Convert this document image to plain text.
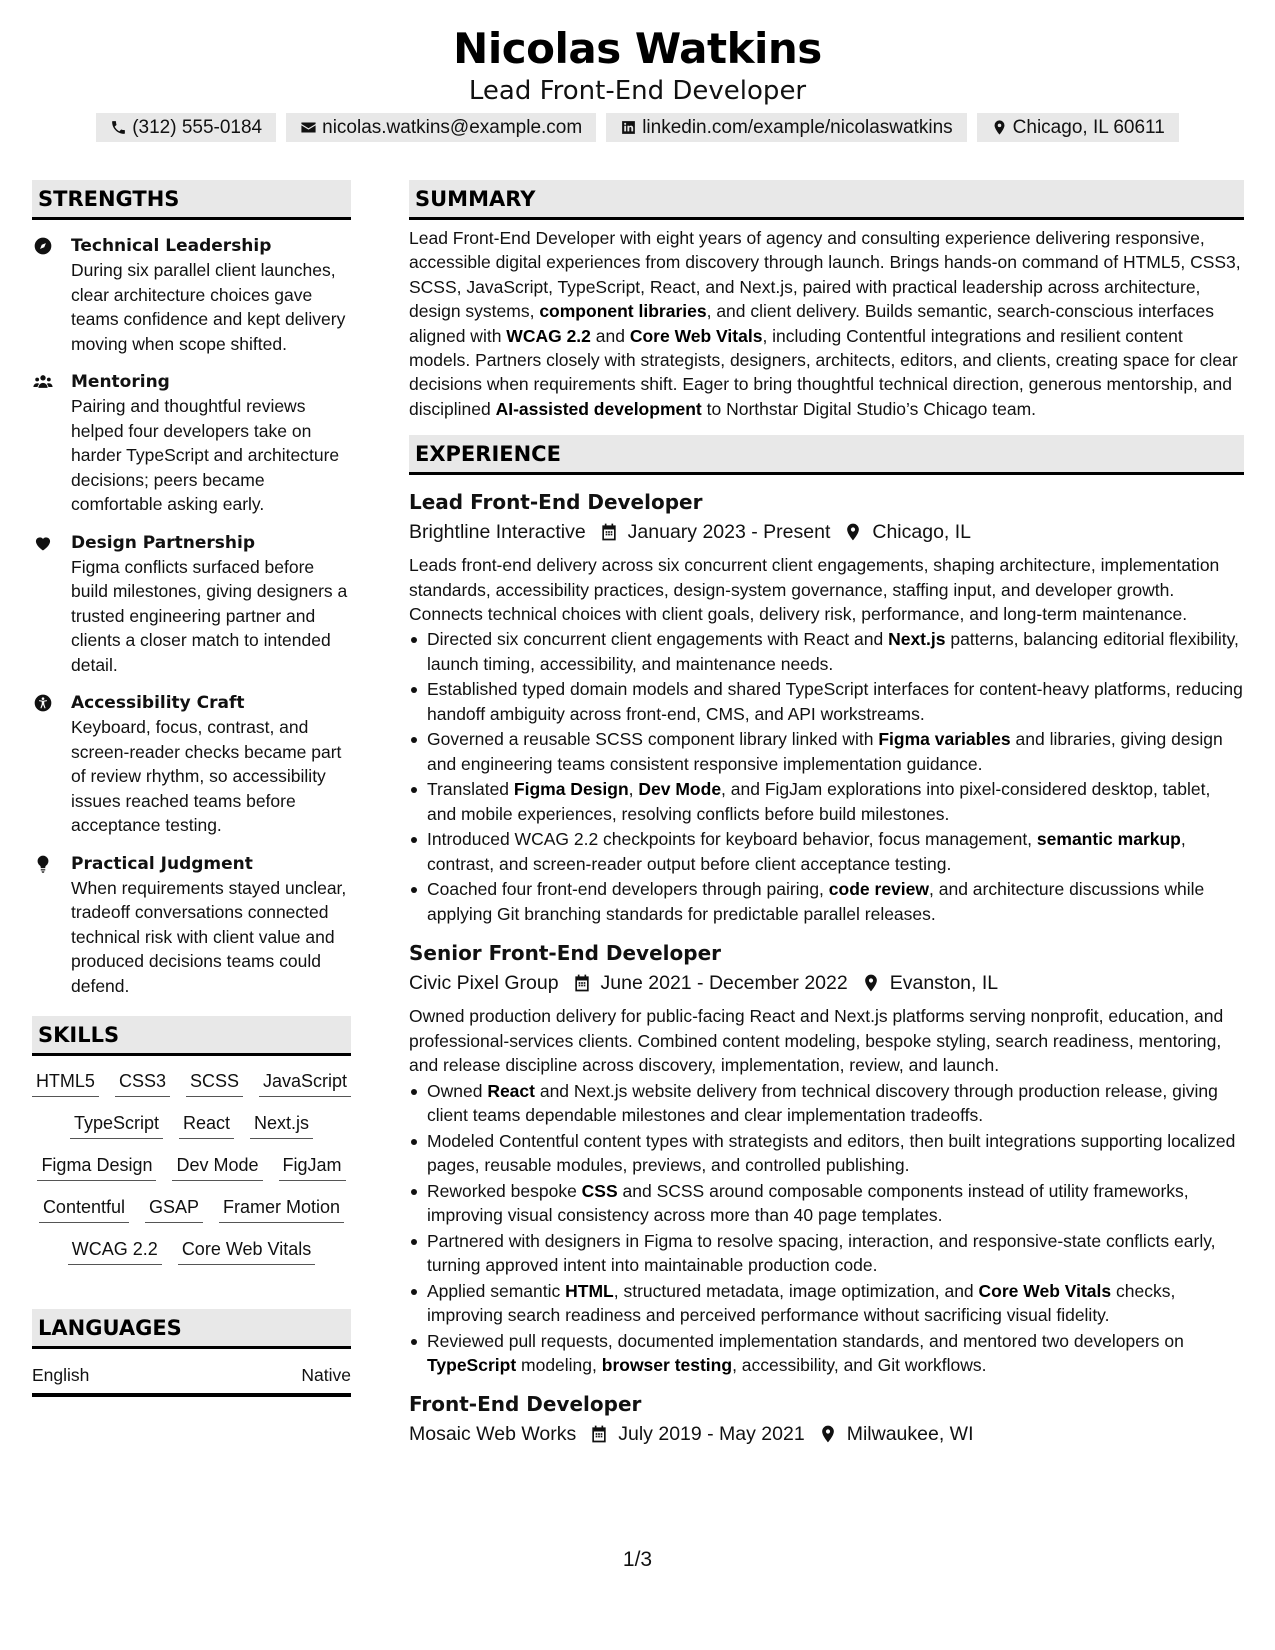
Nicolas Watkins
Lead Front-End Developer
(312) 555-0184	nicolas.watkins@example.com	linkedin.com/example/nicolaswatkins	Chicago, IL 60611
STRENGTHS
Technical Leadership
During six parallel client launches, clear architecture choices gave teams confidence and kept delivery moving when scope shifted.
Mentoring
Pairing and thoughtful reviews helped four developers take on harder TypeScript and architecture decisions; peers became comfortable asking early.
Design Partnership
Figma conflicts surfaced before build milestones, giving designers a trusted engineering partner and clients a closer match to intended detail.
Accessibility Craft
Keyboard, focus, contrast, and screen-reader checks became part of review rhythm, so accessibility issues reached teams before acceptance testing.
Practical Judgment
When requirements stayed unclear, tradeoff conversations connected technical risk with client value and produced decisions teams could defend.
SKILLS
HTML5 CSS3 SCSS JavaScript
TypeScript React Next.js
Figma Design Dev Mode FigJam
Contentful GSAP Framer Motion
WCAG 2.2 Core Web Vitals
LANGUAGES
English	Native
SUMMARY
Lead Front-End Developer with eight years of agency and consulting experience delivering responsive, accessible digital experiences from discovery through launch. Brings hands-on command of HTML5, CSS3, SCSS, JavaScript, TypeScript, React, and Next.js, paired with practical leadership across architecture, design systems, component libraries, and client delivery. Builds semantic, search-conscious interfaces aligned with WCAG 2.2 and Core Web Vitals, including Contentful integrations and resilient content models. Partners closely with strategists, designers, architects, editors, and clients, creating space for clear decisions when requirements shift. Eager to bring thoughtful technical direction, generous mentorship, and disciplined AI-assisted development to Northstar Digital Studio’s Chicago team.
EXPERIENCE
Lead Front-End Developer
Brightline Interactive January 2023 - Present Chicago, IL
Leads front-end delivery across six concurrent client engagements, shaping architecture, implementation standards, accessibility practices, design-system governance, staffing input, and developer growth. Connects technical choices with client goals, delivery risk, performance, and long-term maintenance.
Directed six concurrent client engagements with React and Next.js patterns, balancing editorial flexibility, launch timing, accessibility, and maintenance needs.
Established typed domain models and shared TypeScript interfaces for content-heavy platforms, reducing handoff ambiguity across front-end, CMS, and API workstreams.
Governed a reusable SCSS component library linked with Figma variables and libraries, giving design and engineering teams consistent responsive implementation guidance.
Translated Figma Design, Dev Mode, and FigJam explorations into pixel-considered desktop, tablet, and mobile experiences, resolving conflicts before build milestones.
Introduced WCAG 2.2 checkpoints for keyboard behavior, focus management, semantic markup, contrast, and screen-reader output before client acceptance testing.
Coached four front-end developers through pairing, code review, and architecture discussions while applying Git branching standards for predictable parallel releases.
Senior Front-End Developer
Civic Pixel Group June 2021 - December 2022 Evanston, IL
Owned production delivery for public-facing React and Next.js platforms serving nonprofit, education, and professional-services clients. Combined content modeling, bespoke styling, search readiness, mentoring, and release discipline across discovery, implementation, review, and launch.
Owned React and Next.js website delivery from technical discovery through production release, giving client teams dependable milestones and clear implementation tradeoffs.
Modeled Contentful content types with strategists and editors, then built integrations supporting localized pages, reusable modules, previews, and controlled publishing.
Reworked bespoke CSS and SCSS around composable components instead of utility frameworks, improving visual consistency across more than 40 page templates.
Partnered with designers in Figma to resolve spacing, interaction, and responsive-state conflicts early, turning approved intent into maintainable production code.
Applied semantic HTML, structured metadata, image optimization, and Core Web Vitals checks, improving search readiness and perceived performance without sacrificing visual fidelity.
Reviewed pull requests, documented implementation standards, and mentored two developers on TypeScript modeling, browser testing, accessibility, and Git workflows.
Front-End Developer
Mosaic Web Works July 2019 - May 2021 Milwaukee, WI
1/3
